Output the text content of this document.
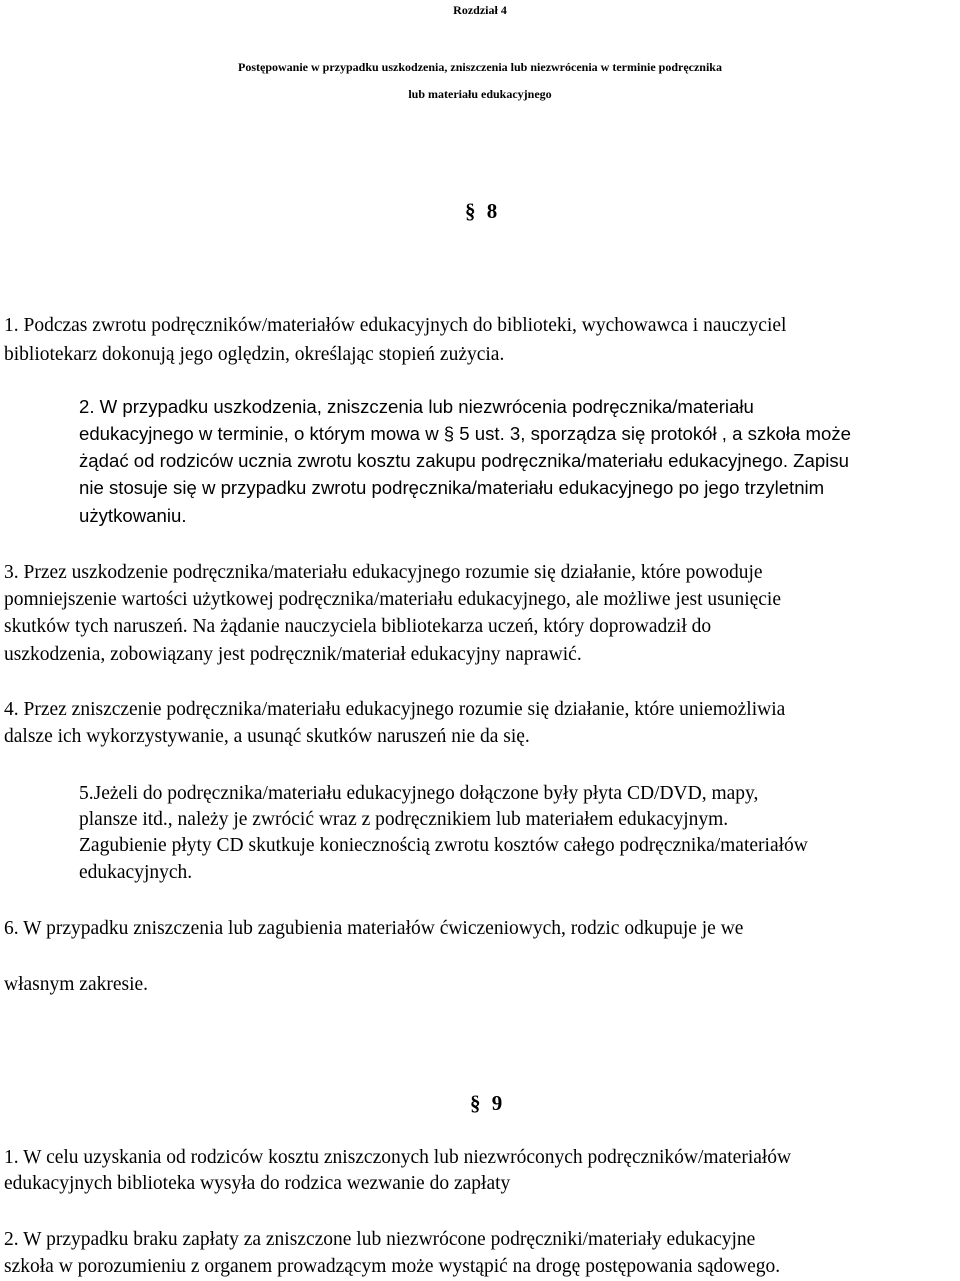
Rozdział 4
Postępowanie w przypadku uszkodzenia, zniszczenia lub niezwrócenia w terminie podręcznika
lub materiału edukacyjnego
§ 8
1. Podczas zwrotu podręczników/materiałów edukacyjnych do biblioteki, wychowawca i nauczyciel
bibliotekarz dokonują jego oględzin, określając stopień zużycia.
2. W przypadku uszkodzenia, zniszczenia lub niezwrócenia podręcznika/materiału
edukacyjnego w terminie, o którym mowa w § 5 ust. 3, sporządza się protokół , a szkoła może
żądać od rodziców ucznia zwrotu kosztu zakupu podręcznika/materiału edukacyjnego. Zapisu
nie stosuje się w przypadku zwrotu podręcznika/materiału edukacyjnego po jego trzyletnim
użytkowaniu.
3. Przez uszkodzenie podręcznika/materiału edukacyjnego rozumie się działanie, które powoduje
pomniejszenie wartości użytkowej podręcznika/materiału edukacyjnego, ale możliwe jest usunięcie
skutków tych naruszeń. Na żądanie nauczyciela bibliotekarza uczeń, który doprowadził do
uszkodzenia, zobowiązany jest podręcznik/materiał edukacyjny naprawić.
4. Przez zniszczenie podręcznika/materiału edukacyjnego rozumie się działanie, które uniemożliwia
dalsze ich wykorzystywanie, a usunąć skutków naruszeń nie da się.
5.Jeżeli do podręcznika/materiału edukacyjnego dołączone były płyta CD/DVD, mapy,
plansze itd., należy je zwrócić wraz z podręcznikiem lub materiałem edukacyjnym.
Zagubienie płyty CD skutkuje koniecznością zwrotu kosztów całego podręcznika/materiałów
edukacyjnych.
6. W przypadku zniszczenia lub zagubienia materiałów ćwiczeniowych, rodzic odkupuje je we
własnym zakresie.
§ 9
1. W celu uzyskania od rodziców kosztu zniszczonych lub niezwróconych podręczników/materiałów
edukacyjnych biblioteka wysyła do rodzica wezwanie do zapłaty
2. W przypadku braku zapłaty za zniszczone lub niezwrócone podręczniki/materiały edukacyjne
szkoła w porozumieniu z organem prowadzącym może wystąpić na drogę postępowania sądowego.
